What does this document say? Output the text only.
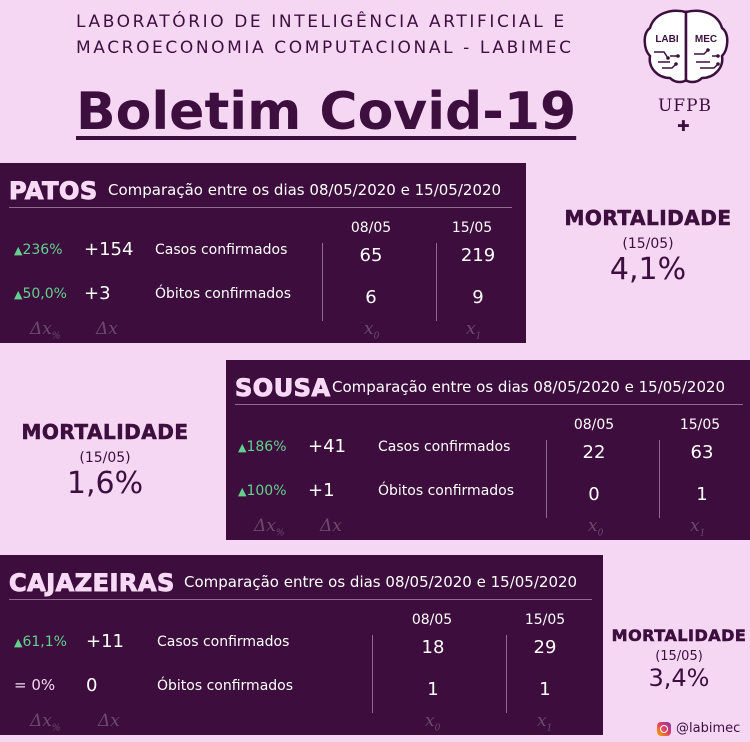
LABORATÓRIO DE INTELIGÊNCIA ARTIFICIAL E
MACROECONOMIA COMPUTACIONAL - LABIMEC
Boletim Covid-19
LABI MEC
UFPB
✚
PATOS Comparação entre os dias 08/05/2020 e 15/05/2020
08/05	15/05
▲236% +154 Casos confirmados	65	219
▲50,0% +3	Óbitos confirmados	6	9
$\Delta x_{\%}$ Δx	$x_0$	$x_1$
MORTALIDADE
(15/05)
4,1%
SOUSA Comparação entre os dias 08/05/2020 e 15/05/2020
08/05	15/05
▲186% +41 Casos confirmados	22	63
▲100% +1	Óbitos confirmados	0	1
$\Delta x_{\%}$ Δx	$x_0$	$x_1$
MORTALIDADE
(15/05)
1,6%
CAJAZEIRAS Comparação entre os dias 08/05/2020 e 15/05/2020
08/05	15/05
▲61,1% +11 Casos confirmados	18	29
= 0% 0	Óbitos confirmados	1	1
$\Delta x_{\%}$ Δx	$x_0$	$x_1$
MORTALIDADE
(15/05)
3,4%
@labimec
